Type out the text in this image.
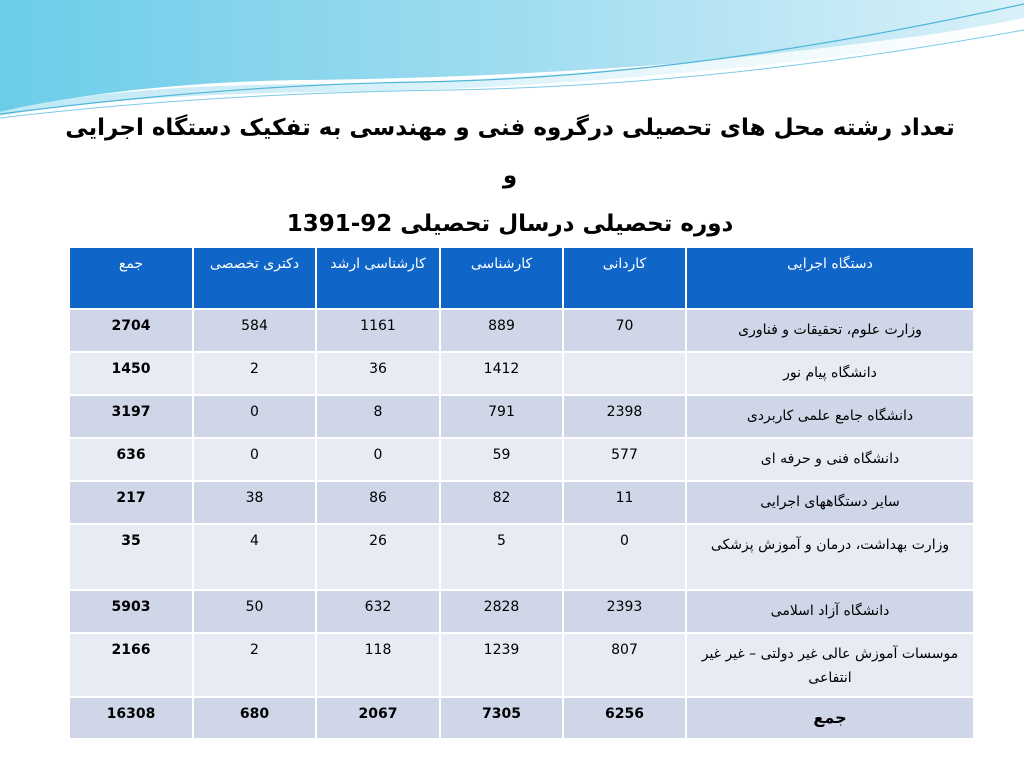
تعداد رشته محل های تحصیلی درگروه فنی و مهندسی به تفکیک دستگاه اجرایی و
دوره تحصیلی درسال تحصیلی 92-1391
دستگاه اجرایی	کاردانی	کارشناسی	کارشناسی ارشد	دکتری تخصصی	جمع
وزارت علوم، تحقیقات و فناوری	70	889	1161	584	2704
دانشگاه پیام نور		1412	36	2	1450
دانشگاه جامع علمی کاربردی	2398	791	8	0	3197
دانشگاه فنی و حرفه ای	577	59	0	0	636
سایر دستگاههای اجرایی	11	82	86	38	217
وزارت بهداشت، درمان و آموزش پزشکی	0	5	26	4	35
دانشگاه آزاد اسلامی	2393	2828	632	50	5903
موسسات آموزش عالی غیر دولتی – غیر غیر انتفاعی	807	1239	118	2	2166
جمع	6256	7305	2067	680	16308
